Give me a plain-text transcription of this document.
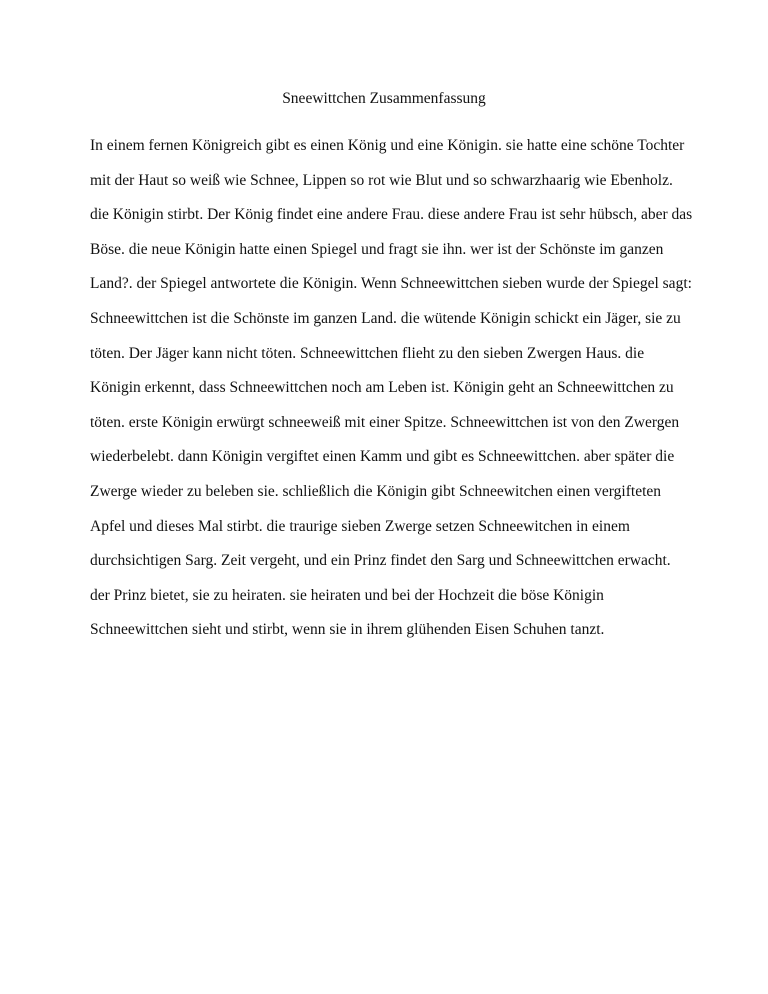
Sneewittchen Zusammenfassung
In einem fernen Königreich gibt es einen König und eine Königin. sie hatte eine schöne Tochter
mit der Haut so weiß wie Schnee, Lippen so rot wie Blut und so schwarzhaarig wie Ebenholz.
die Königin stirbt. Der König findet eine andere Frau. diese andere Frau ist sehr hübsch, aber das
Böse. die neue Königin hatte einen Spiegel und fragt sie ihn. wer ist der Schönste im ganzen
Land?. der Spiegel antwortete die Königin. Wenn Schneewittchen sieben wurde der Spiegel sagt:
Schneewittchen ist die Schönste im ganzen Land. die wütende Königin schickt ein Jäger, sie zu
töten. Der Jäger kann nicht töten. Schneewittchen flieht zu den sieben Zwergen Haus. die
Königin erkennt, dass Schneewittchen noch am Leben ist. Königin geht an Schneewittchen zu
töten. erste Königin erwürgt schneeweiß mit einer Spitze. Schneewittchen ist von den Zwergen
wiederbelebt. dann Königin vergiftet einen Kamm und gibt es Schneewittchen. aber später die
Zwerge wieder zu beleben sie. schließlich die Königin gibt Schneewitchen einen vergifteten
Apfel und dieses Mal stirbt. die traurige sieben Zwerge setzen Schneewitchen in einem
durchsichtigen Sarg. Zeit vergeht, und ein Prinz findet den Sarg und Schneewittchen erwacht.
der Prinz bietet, sie zu heiraten. sie heiraten und bei der Hochzeit die böse Königin
Schneewittchen sieht und stirbt, wenn sie in ihrem glühenden Eisen Schuhen tanzt.
